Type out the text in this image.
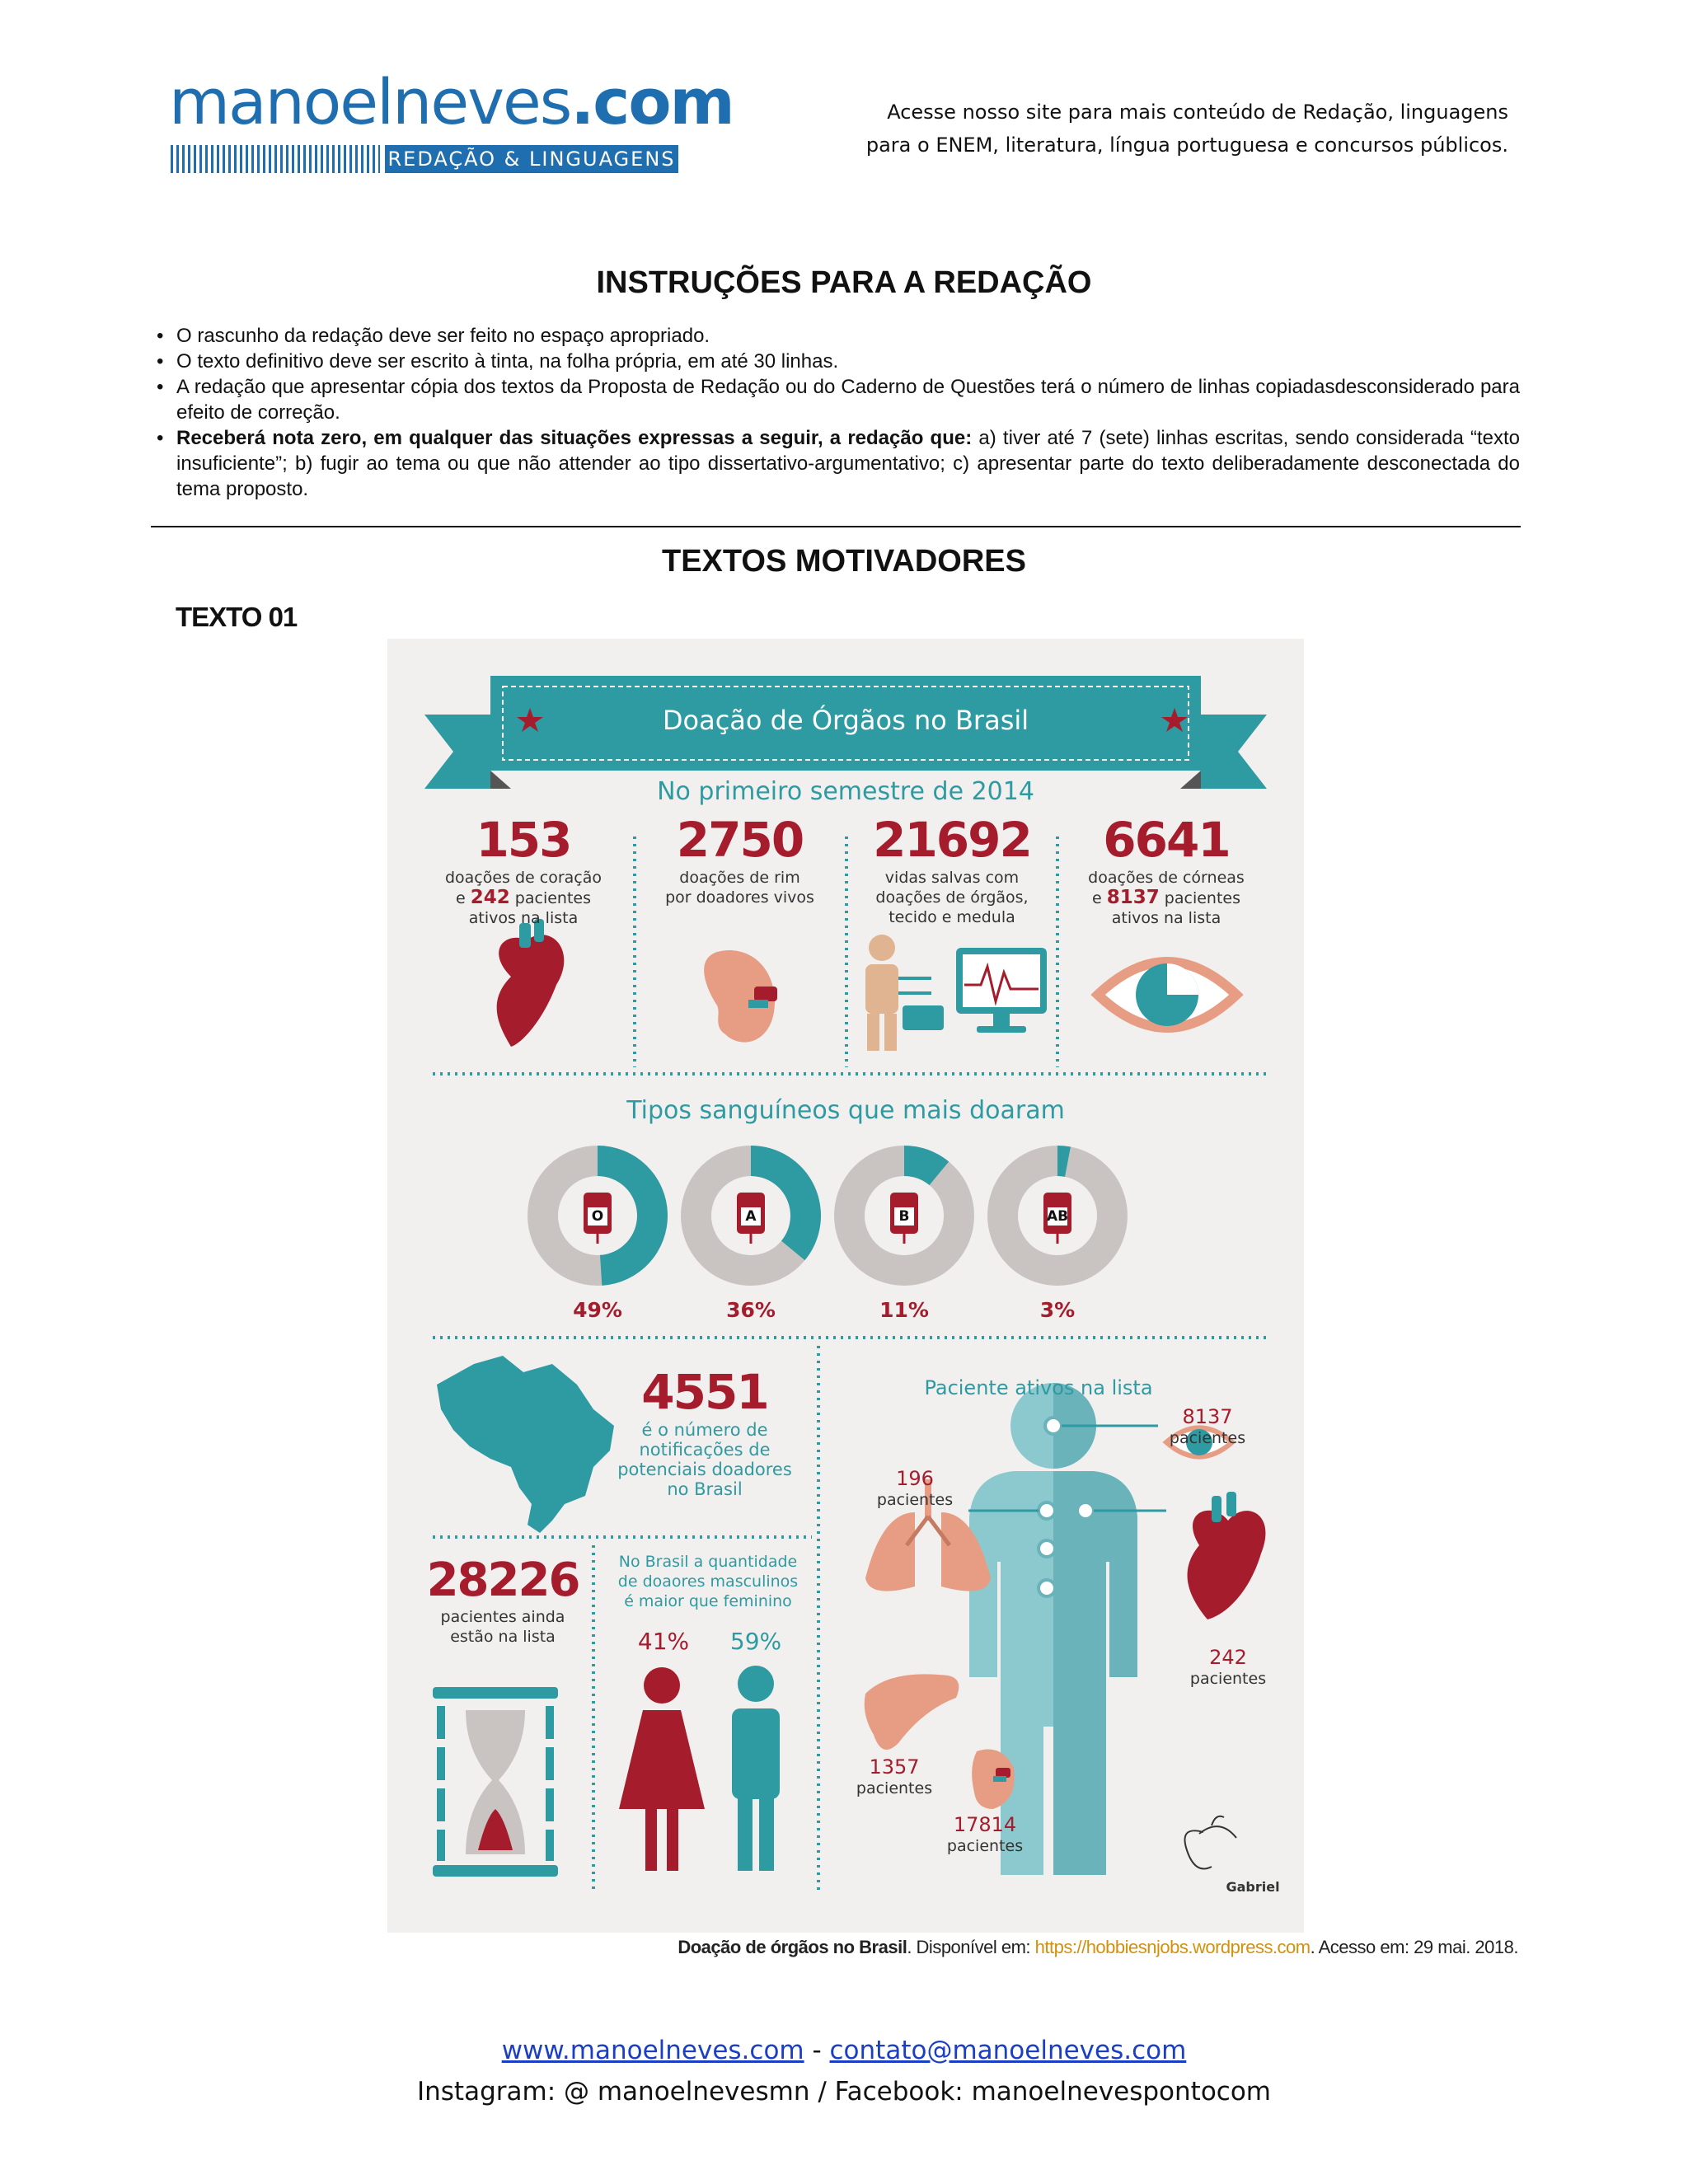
manoelneves.com
REDAÇÃO & LINGUAGENS
Acesse nosso site para mais conteúdo de Redação, linguagens
para o ENEM, literatura, língua portuguesa e concursos públicos.
INSTRUÇÕES PARA A REDAÇÃO
• O rascunho da redação deve ser feito no espaço apropriado.
• O texto definitivo deve ser escrito à tinta, na folha própria, em até 30 linhas.
• A redação que apresentar cópia dos textos da Proposta de Redação ou do Caderno de Questões terá o número de linhas copiadasdesconsiderado para efeito de correção.
• Receberá nota zero, em qualquer das situações expressas a seguir, a redação que: a) tiver até 7 (sete) linhas escritas, sendo considerada “texto insuficiente”; b) fugir ao tema ou que não attender ao tipo dissertativo-argumentativo; c) apresentar parte do texto deliberadamente desconectada do tema proposto.
TEXTOS MOTIVADORES
TEXTO 01
Doação de Órgãos no Brasil
No primeiro semestre de 2014
153
doações de coração
e 242 pacientes
ativos na lista
2750
doações de rim
por doadores vivos
21692
vidas salvas com
doações de órgãos,
tecido e medula
6641
doações de córneas
e 8137 pacientes
ativos na lista
Tipos sanguíneos que mais doaram
O
49%
A
36%
B
11%
AB
3%
4551
é o número de
notificações de
potenciais doadores
no Brasil
28226
pacientes ainda
estão na lista
No Brasil a quantidade
de doaores masculinos
é maior que feminino
41%	59%
Paciente ativos na lista
8137
pacientes
196
pacientes
242
pacientes
1357
pacientes
17814
pacientes
Gabriel
Doação de órgãos no Brasil. Disponível em: https://hobbiesnjobs.wordpress.com. Acesso em: 29 mai. 2018.
www.manoelneves.com - contato@manoelneves.com
Instagram: @ manoelnevesmn / Facebook: manoelnevespontocom
